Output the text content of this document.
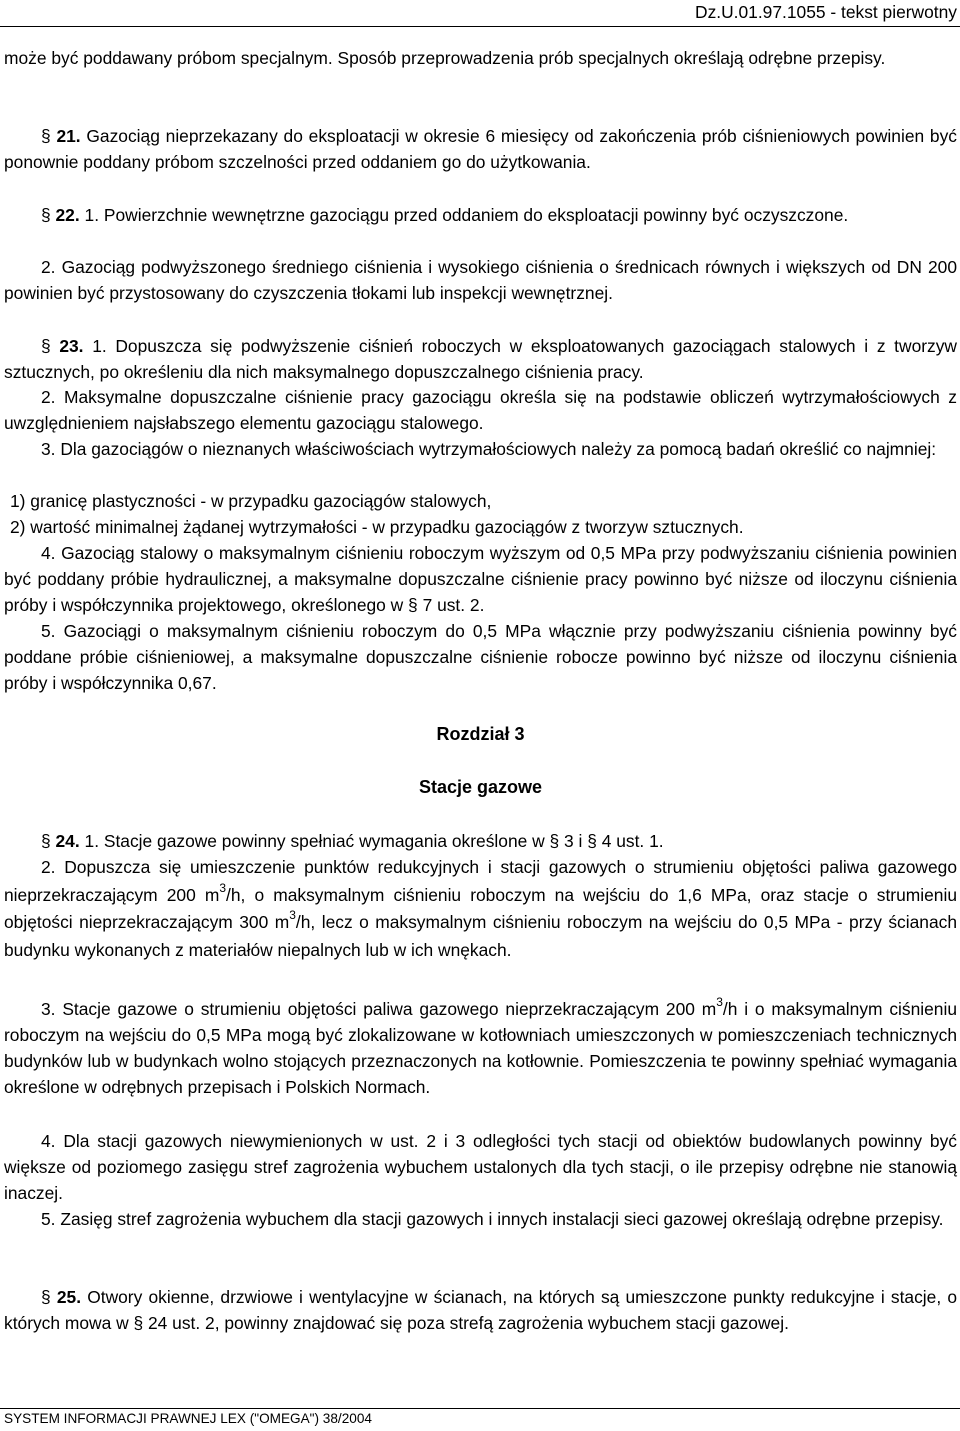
Dz.U.01.97.1055 - tekst pierwotny

może być poddawany próbom specjalnym. Sposób przeprowadzenia prób specjalnych określają odrębne przepisy.

§ 21. Gazociąg nieprzekazany do eksploatacji w okresie 6 miesięcy od zakończenia prób ciśnieniowych powinien być ponownie poddany próbom szczelności przed oddaniem go do użytkowania.

§ 22. 1. Powierzchnie wewnętrzne gazociągu przed oddaniem do eksploatacji powinny być oczyszczone.

2. Gazociąg podwyższonego średniego ciśnienia i wysokiego ciśnienia o średnicach równych i większych od DN 200 powinien być przystosowany do czyszczenia tłokami lub inspekcji wewnętrznej.

§ 23. 1. Dopuszcza się podwyższenie ciśnień roboczych w eksploatowanych gazociągach stalowych i z tworzyw sztucznych, po określeniu dla nich maksymalnego dopuszczalnego ciśnienia pracy.

2. Maksymalne dopuszczalne ciśnienie pracy gazociągu określa się na podstawie obliczeń wytrzymałościowych z uwzględnieniem najsłabszego elementu gazociągu stalowego.

3. Dla gazociągów o nieznanych właściwościach wytrzymałościowych należy za pomocą badań określić co najmniej:

1) granicę plastyczności - w przypadku gazociągów stalowych,

2) wartość minimalnej żądanej wytrzymałości - w przypadku gazociągów z tworzyw sztucznych.

4. Gazociąg stalowy o maksymalnym ciśnieniu roboczym wyższym od 0,5 MPa przy podwyższaniu ciśnienia powinien być poddany próbie hydraulicznej, a maksymalne dopuszczalne ciśnienie pracy powinno być niższe od iloczynu ciśnienia próby i współczynnika projektowego, określonego w § 7 ust. 2.

5. Gazociągi o maksymalnym ciśnieniu roboczym do 0,5 MPa włącznie przy podwyższaniu ciśnienia powinny być poddane próbie ciśnieniowej, a maksymalne dopuszczalne ciśnienie robocze powinno być niższe od iloczynu ciśnienia próby i współczynnika 0,67.

Rozdział 3
Stacje gazowe

§ 24. 1. Stacje gazowe powinny spełniać wymagania określone w § 3 i § 4 ust. 1.

2. Dopuszcza się umieszczenie punktów redukcyjnych i stacji gazowych o strumieniu objętości paliwa gazowego nieprzekraczającym 200 $m^3/h$, o maksymalnym ciśnieniu roboczym na wejściu do 1,6 MPa, oraz stacje o strumieniu objętości nieprzekraczającym 300 $m^3/h$, lecz o maksymalnym ciśnieniu roboczym na wejściu do 0,5 MPa - przy ścianach budynku wykonanych z materiałów niepalnych lub w ich wnękach.

3. Stacje gazowe o strumieniu objętości paliwa gazowego nieprzekraczającym 200 $m^3/h$ i o maksymalnym ciśnieniu roboczym na wejściu do 0,5 MPa mogą być zlokalizowane w kotłowniach umieszczonych w pomieszczeniach technicznych budynków lub w budynkach wolno stojących przeznaczonych na kotłownie. Pomieszczenia te powinny spełniać wymagania określone w odrębnych przepisach i Polskich Normach.

4. Dla stacji gazowych niewymienionych w ust. 2 i 3 odległości tych stacji od obiektów budowlanych powinny być większe od poziomego zasięgu stref zagrożenia wybuchem ustalonych dla tych stacji, o ile przepisy odrębne nie stanowią inaczej.

5. Zasięg stref zagrożenia wybuchem dla stacji gazowych i innych instalacji sieci gazowej określają odrębne przepisy.

§ 25. Otwory okienne, drzwiowe i wentylacyjne w ścianach, na których są umieszczone punkty redukcyjne i stacje, o których mowa w § 24 ust. 2, powinny znajdować się poza strefą zagrożenia wybuchem stacji gazowej.

SYSTEM INFORMACJI PRAWNEJ LEX ("OMEGA") 38/2004
